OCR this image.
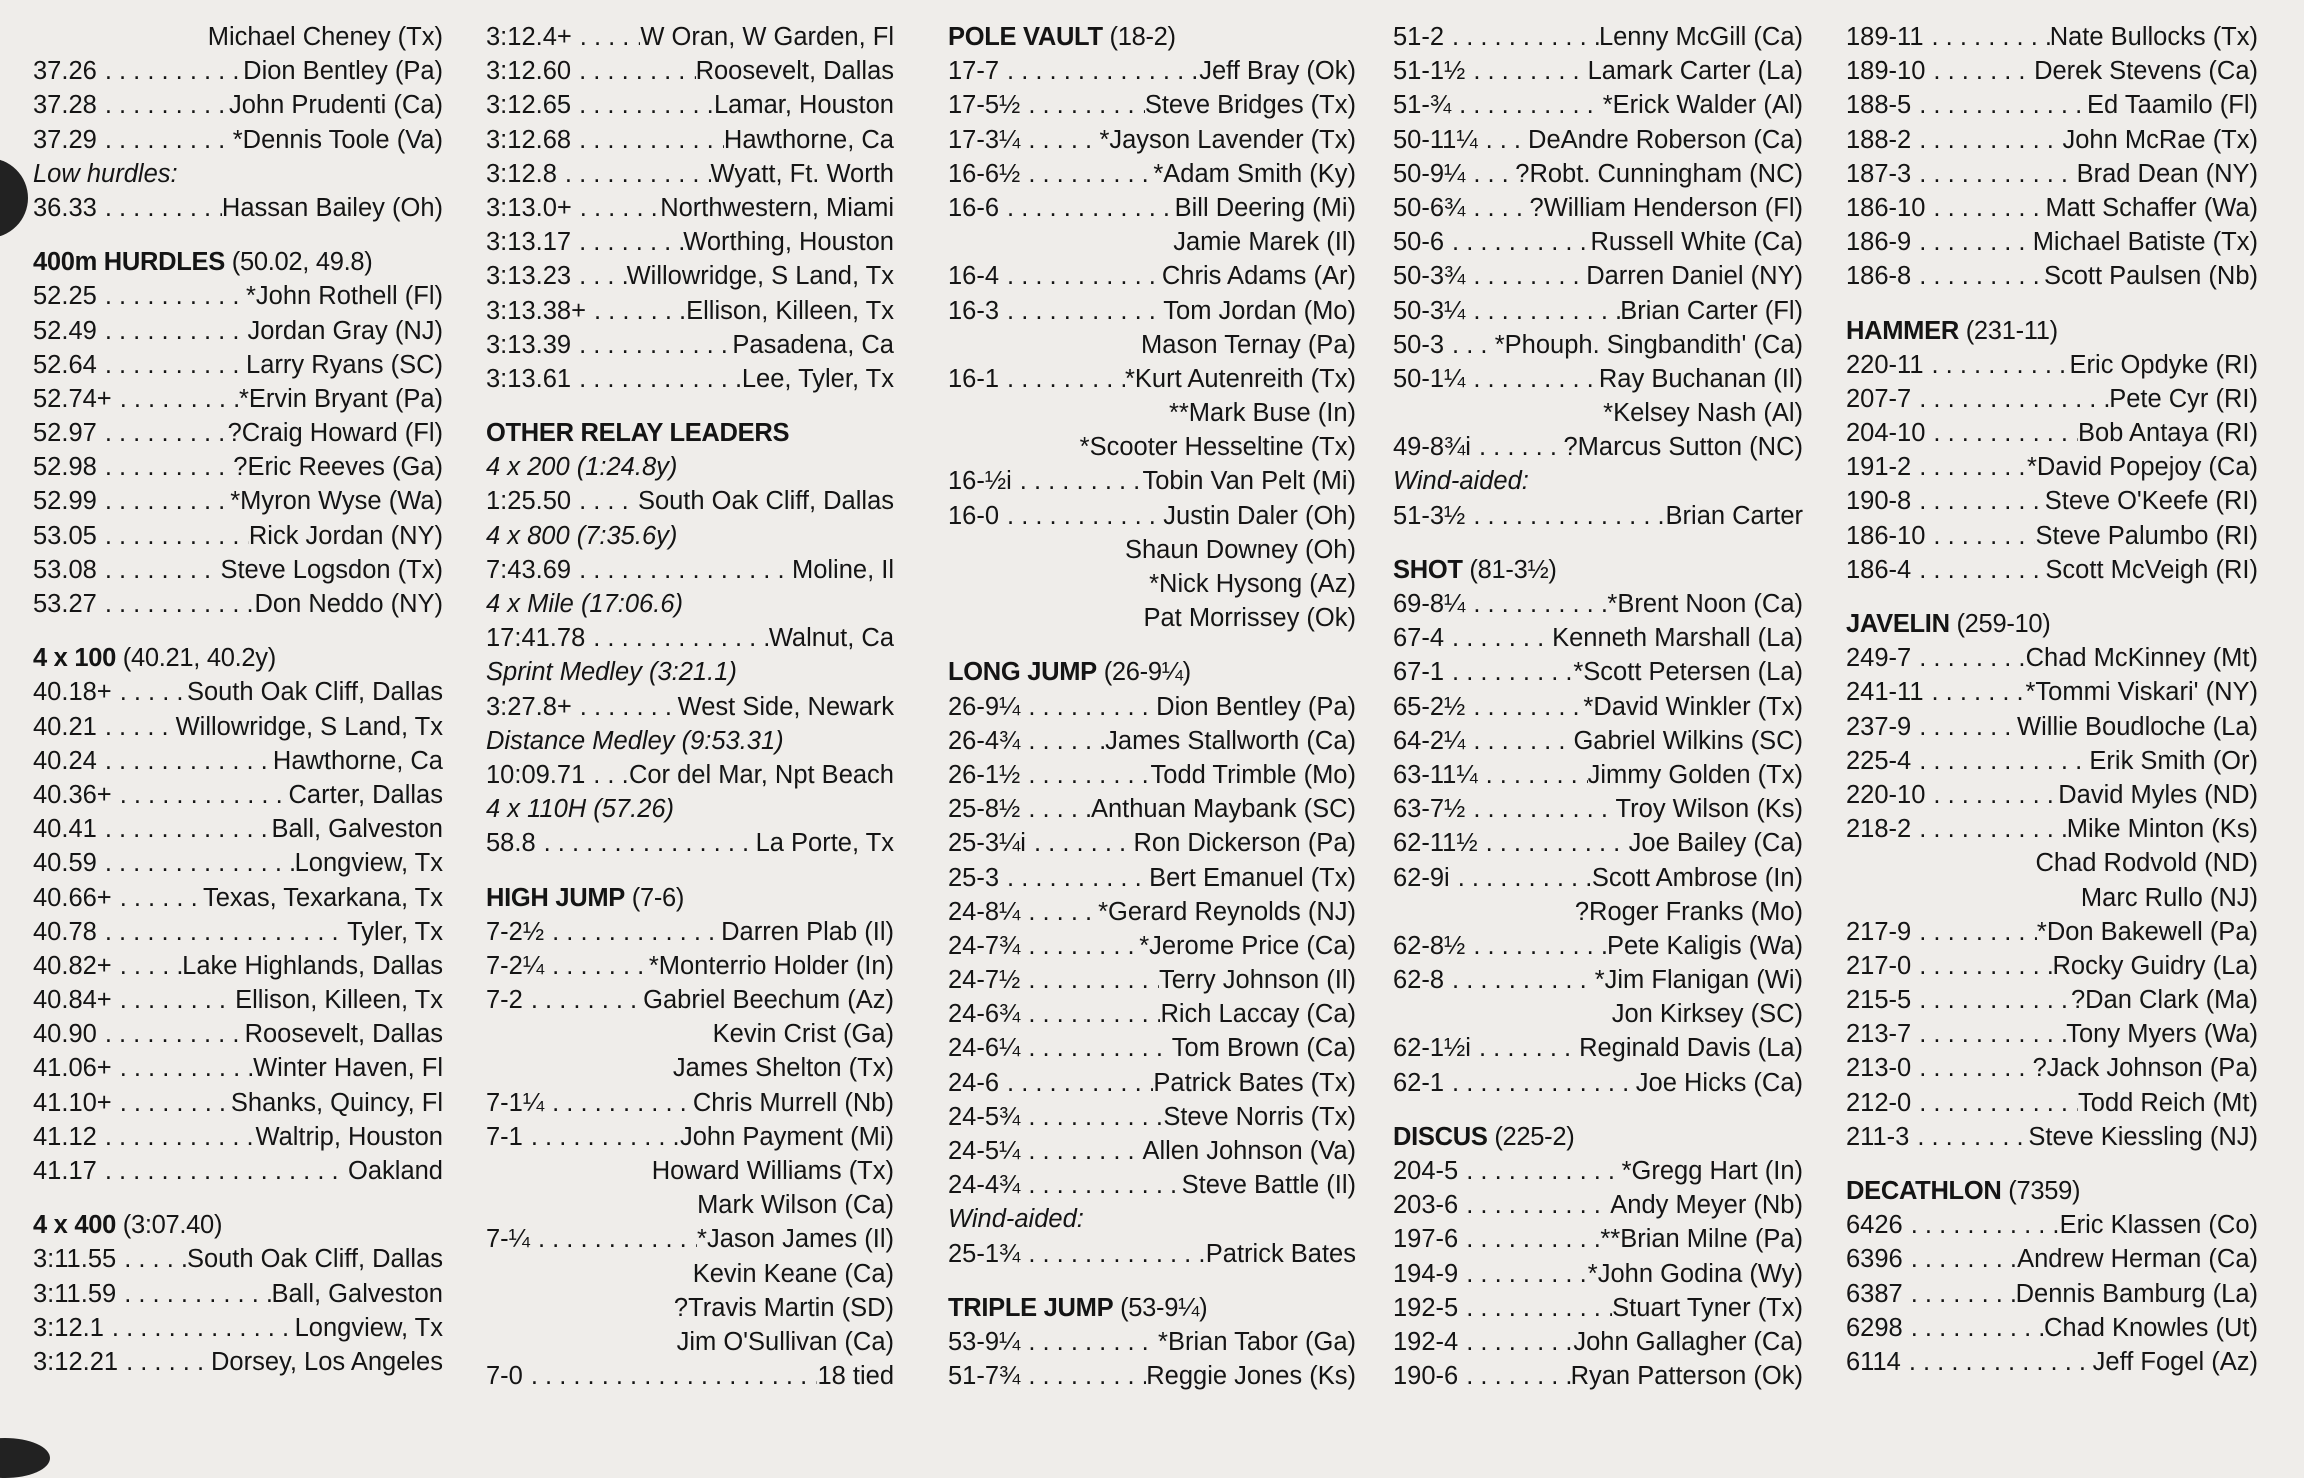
Michael Cheney (Tx)
37.26 . . .	Dion Bentley (Pa)
37.28 . . .	John Prudenti (Ca)
37.29 . . .	*Dennis Toole (Va)
Low hurdles:
36.33 . . .	Hassan Bailey (Oh)
400m HURDLES (50.02, 49.8)
52.25 . . .	*John Rothell (Fl)
52.49 . . .	Jordan Gray (NJ)
52.64 . . .	Larry Ryans (SC)
52.74+ . . .	*Ervin Bryant (Pa)
52.97 . . .	?Craig Howard (Fl)
52.98 . . .	?Eric Reeves (Ga)
52.99 . . .	*Myron Wyse (Wa)
53.05 . . .	Rick Jordan (NY)
53.08 . . .	Steve Logsdon (Tx)
53.27 . . .	Don Neddo (NY)
4 x 100 (40.21, 40.2y)
40.18+ . . .	South Oak Cliff, Dallas
40.21 . . .	Willowridge, S Land, Tx
40.24 . . .	Hawthorne, Ca
40.36+ . . .	Carter, Dallas
40.41 . . .	Ball, Galveston
40.59 . . .	Longview, Tx
40.66+ . . .	Texas, Texarkana, Tx
40.78 . . .	Tyler, Tx
40.82+ . . .	Lake Highlands, Dallas
40.84+ . . .	Ellison, Killeen, Tx
40.90 . . .	Roosevelt, Dallas
41.06+ . . .	Winter Haven, Fl
41.10+ . . .	Shanks, Quincy, Fl
41.12 . . .	Waltrip, Houston
41.17 . . .	Oakland
4 x 400 (3:07.40)
3:11.55 . . .	South Oak Cliff, Dallas
3:11.59 . . .	Ball, Galveston
3:12.1 . . .	Longview, Tx
3:12.21 . . .	Dorsey, Los Angeles
3:12.4+ . . .	W Oran, W Garden, Fl
3:12.60 . . .	Roosevelt, Dallas
3:12.65 . . .	Lamar, Houston
3:12.68 . . .	Hawthorne, Ca
3:12.8 . . .	Wyatt, Ft. Worth
3:13.0+ . . .	Northwestern, Miami
3:13.17 . . .	Worthing, Houston
3:13.23 . . . Willowridge, S Land, Tx
3:13.38+ . . .	Ellison, Killeen, Tx
3:13.39 . . .	Pasadena, Ca
3:13.61 . . .	Lee, Tyler, Tx
OTHER RELAY LEADERS
4 x 200 (1:24.8y)
1:25.50 . . .	South Oak Cliff, Dallas
4 x 800 (7:35.6y)
7:43.69 . . .	Moline, Il
4 x Mile (17:06.6)
17:41.78 . . .	Walnut, Ca
Sprint Medley (3:21.1)
3:27.8+ . . .	West Side, Newark
Distance Medley (9:53.31)
10:09.71 . . . Cor del Mar, Npt Beach
4 x 110H (57.26)
58.8 . . .	La Porte, Tx
HIGH JUMP (7-6)
7-2½ . . .	Darren Plab (Il)
7-2¼ . . .	*Monterrio Holder (In)
7-2 . . .	Gabriel Beechum (Az)
Kevin Crist (Ga)
James Shelton (Tx)
7-1¼ . . .	Chris Murrell (Nb)
7-1 . . .	John Payment (Mi)
Howard Williams (Tx)
Mark Wilson (Ca)
7-¼ . . .	*Jason James (Il)
Kevin Keane (Ca)
?Travis Martin (SD)
Jim O'Sullivan (Ca)
7-0 . . .	18 tied
POLE VAULT (18-2)
17-7 . . .	Jeff Bray (Ok)
17-5½ . . .	Steve Bridges (Tx)
17-3¼ . . .	*Jayson Lavender (Tx)
16-6½ . . .	*Adam Smith (Ky)
16-6 . . .	Bill Deering (Mi)
Jamie Marek (Il)
16-4 . . .	Chris Adams (Ar)
16-3 . . .	Tom Jordan (Mo)
Mason Ternay (Pa)
16-1 . . .	*Kurt Autenreith (Tx)
**Mark Buse (In)
*Scooter Hesseltine (Tx)
16-½i . . .	Tobin Van Pelt (Mi)
16-0 . . .	Justin Daler (Oh)
Shaun Downey (Oh)
*Nick Hysong (Az)
Pat Morrissey (Ok)
LONG JUMP (26-9¼)
26-9¼ . . .	Dion Bentley (Pa)
26-4¾ . . .	James Stallworth (Ca)
26-1½ . . .	Todd Trimble (Mo)
25-8½ . . .	Anthuan Maybank (SC)
25-3¼i . . .	Ron Dickerson (Pa)
25-3 . . .	Bert Emanuel (Tx)
24-8¼ . . .	*Gerard Reynolds (NJ)
24-7¾ . . .	*Jerome Price (Ca)
24-7½ . . .	Terry Johnson (Il)
24-6¾ . . .	Rich Laccay (Ca)
24-6¼ . . .	Tom Brown (Ca)
24-6 . . .	Patrick Bates (Tx)
24-5¾ . . .	Steve Norris (Tx)
24-5¼ . . .	Allen Johnson (Va)
24-4¾ . . .	Steve Battle (Il)
Wind-aided:
25-1¾ . . .	Patrick Bates
TRIPLE JUMP (53-9¼)
53-9¼ . . .	*Brian Tabor (Ga)
51-7¾ . . .	Reggie Jones (Ks)
51-2 . . .	Lenny McGill (Ca)
51-1½ . . .	Lamark Carter (La)
51-¾ . . .	*Erick Walder (Al)
50-11¼ . . . DeAndre Roberson (Ca)
50-9¼ . . . ?Robt. Cunningham (NC)
50-6¾ . . .	?William Henderson (Fl)
50-6 . . .	Russell White (Ca)
50-3¾ . . .	Darren Daniel (NY)
50-3¼ . . .	Brian Carter (Fl)
50-3 . . . *Phouph. Singbandith' (Ca)
50-1¼ . . .	Ray Buchanan (Il)
*Kelsey Nash (Al)
49-8¾i . . .	?Marcus Sutton (NC)
Wind-aided:
51-3½ . . .	Brian Carter
SHOT (81-3½)
69-8¼ . . .	*Brent Noon (Ca)
67-4 . . .	Kenneth Marshall (La)
67-1 . . .	*Scott Petersen (La)
65-2½ . . .	*David Winkler (Tx)
64-2¼ . . .	Gabriel Wilkins (SC)
63-11¼ . . .	Jimmy Golden (Tx)
63-7½ . . .	Troy Wilson (Ks)
62-11½ . . .	Joe Bailey (Ca)
62-9i . . .	Scott Ambrose (In)
?Roger Franks (Mo)
62-8½ . . .	Pete Kaligis (Wa)
62-8 . . .	*Jim Flanigan (Wi)
Jon Kirksey (SC)
62-1½i . . .	Reginald Davis (La)
62-1 . . .	Joe Hicks (Ca)
DISCUS (225-2)
204-5 . . .	*Gregg Hart (In)
203-6 . . .	Andy Meyer (Nb)
197-6 . . .	**Brian Milne (Pa)
194-9 . . .	*John Godina (Wy)
192-5 . . .	Stuart Tyner (Tx)
192-4 . . .	John Gallagher (Ca)
190-6 . . .	Ryan Patterson (Ok)
189-11 . . .	Nate Bullocks (Tx)
189-10 . . .	Derek Stevens (Ca)
188-5 . . .	Ed Taamilo (Fl)
188-2 . . .	John McRae (Tx)
187-3 . . .	Brad Dean (NY)
186-10 . . .	Matt Schaffer (Wa)
186-9 . . .	Michael Batiste (Tx)
186-8 . . .	Scott Paulsen (Nb)
HAMMER (231-11)
220-11 . . .	Eric Opdyke (RI)
207-7 . . .	Pete Cyr (RI)
204-10 . . .	Bob Antaya (RI)
191-2 . . .	*David Popejoy (Ca)
190-8 . . .	Steve O'Keefe (RI)
186-10 . . .	Steve Palumbo (RI)
186-4 . . .	Scott McVeigh (RI)
JAVELIN (259-10)
249-7 . . .	Chad McKinney (Mt)
241-11 . . .	*Tommi Viskari' (NY)
237-9 . . .	Willie Boudloche (La)
225-4 . . .	Erik Smith (Or)
220-10 . . .	David Myles (ND)
218-2 . . .	Mike Minton (Ks)
Chad Rodvold (ND)
Marc Rullo (NJ)
217-9 . . .	*Don Bakewell (Pa)
217-0 . . .	Rocky Guidry (La)
215-5 . . .	?Dan Clark (Ma)
213-7 . . .	Tony Myers (Wa)
213-0 . . .	?Jack Johnson (Pa)
212-0 . . .	Todd Reich (Mt)
211-3 . . .	Steve Kiessling (NJ)
DECATHLON (7359)
6426 . . .	Eric Klassen (Co)
6396 . . .	Andrew Herman (Ca)
6387 . . .	Dennis Bamburg (La)
6298 . . .	Chad Knowles (Ut)
6114 . . .	Jeff Fogel (Az)
